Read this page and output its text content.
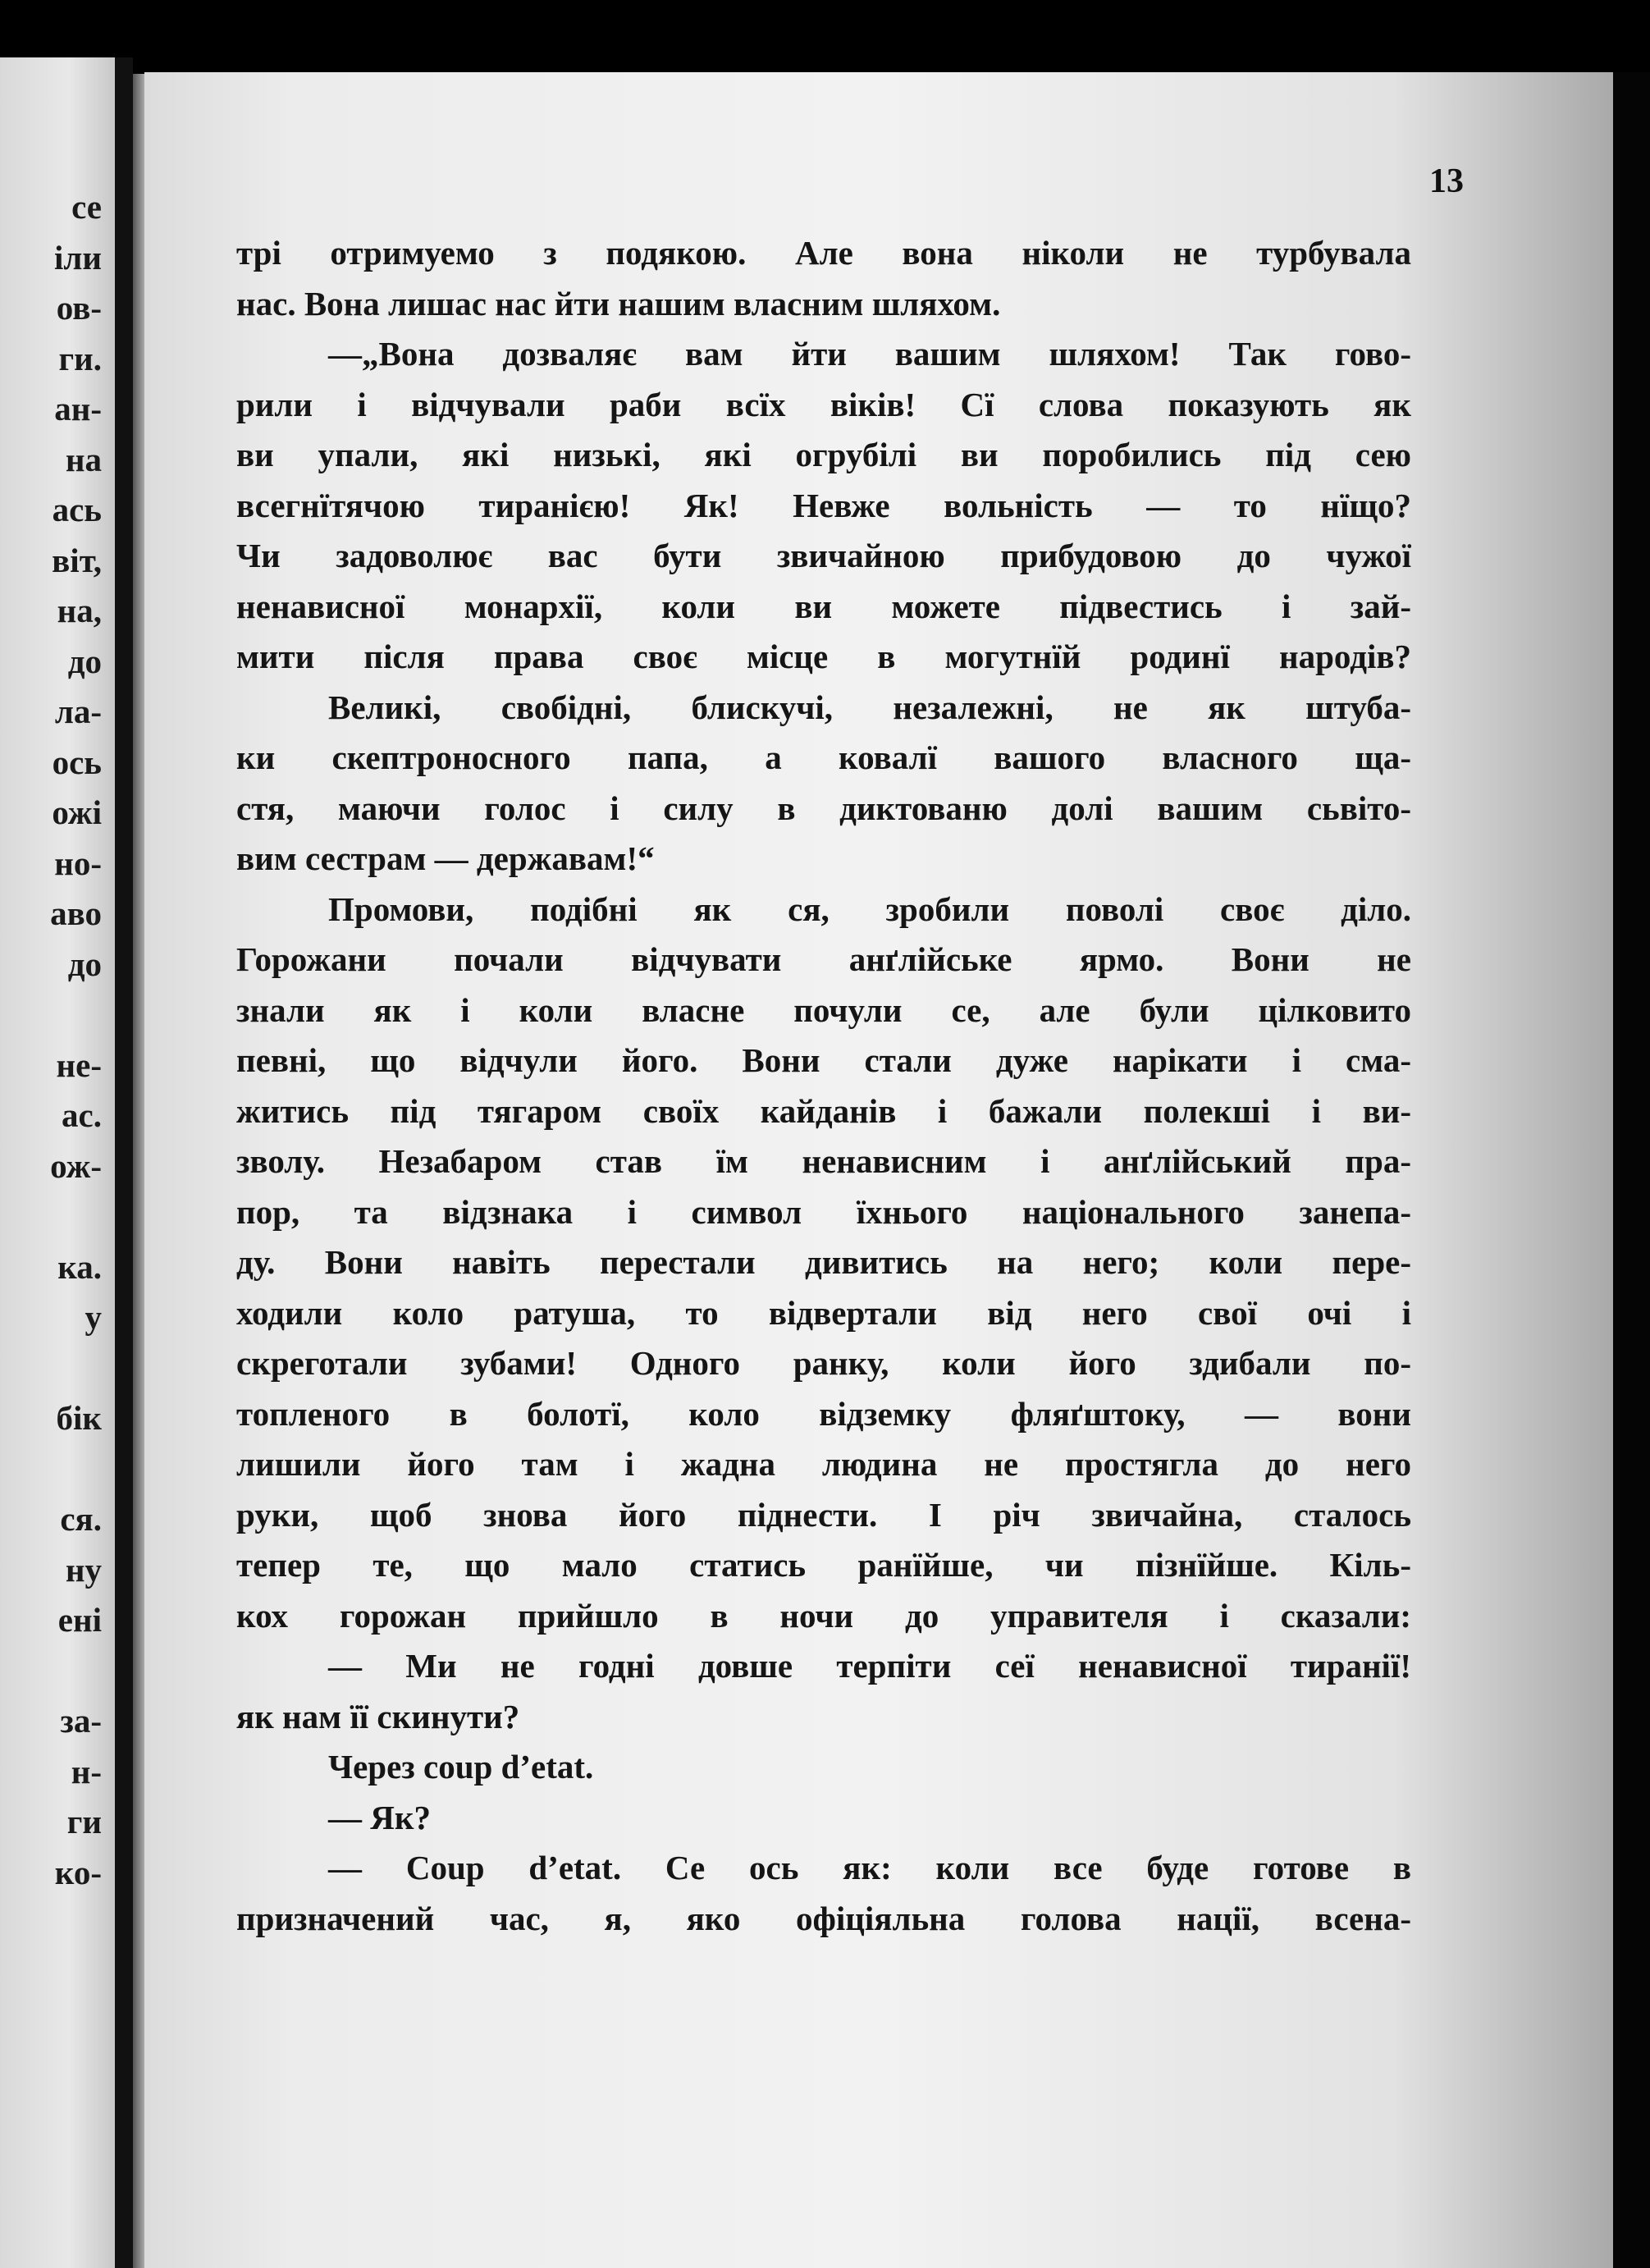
се
іли
ов-
ги.
ан-
на
ась
віт,
на,
до
ла-
ось
ожі
но-
аво
до
не-
ас.
ож-
ка.
у
бік
ся.
ну
ені
за-
н-
ги
ко-
13
трі отримуемо з подякою. Але вона ніколи не турбувала
нас. Вона лишас нас йти нашим власним шляхом.
—„Вона дозваляє вам йти вашим шляхом! Так гово-
рили і відчували раби всїх віків! Сї слова показують як
ви упали, які низькі, які огрубілі ви поробились під сею
всегнїтячою тиранією! Як! Невже вольність — то нїщо?
Чи задоволює вас бути звичайною прибудовою до чужої
ненависної монархії, коли ви можете підвестись і зай-
мити після права своє місце в могутнїй родинї народів?
Великі, свобідні, блискучі, незалежні, не як штуба-
ки скептроносного папа, а ковалї вашого власного ща-
стя, маючи голос і силу в диктованю долі вашим сьвіто-
вим сестрам — державам!“
Промови, подібні як ся, зробили поволі своє діло.
Горожани почали відчувати анґлійське ярмо. Вони не
знали як і коли власне почули се, але були цілковито
певні, що відчули його. Вони стали дуже нарікати і сма-
житись під тягаром своїх кайданів і бажали полекші і ви-
зволу. Незабаром став їм ненависним і анґлійський пра-
пор, та відзнака і символ їхнього національного занепа-
ду. Вони навіть перестали дивитись на него; коли пере-
ходили коло ратуша, то відвертали від него свої очі і
скреготали зубами! Одного ранку, коли його здибали по-
топленого в болотї, коло відземку фляґштоку, — вони
лишили його там і жадна людина не простягла до него
руки, щоб знова його піднести. І річ звичайна, сталось
тепер те, що мало статись ранїйше, чи пізнїйше. Кіль-
кох горожан прийшло в ночи до управителя і сказали:
— Ми не годні довше терпіти сеї ненависної тиранії!
як нам її скинути?
Через coup d’etat.
— Як?
— Coup d’etat. Се ось як: коли все буде готове в
призначений час, я, яко офіціяльна голова нації, всена-
